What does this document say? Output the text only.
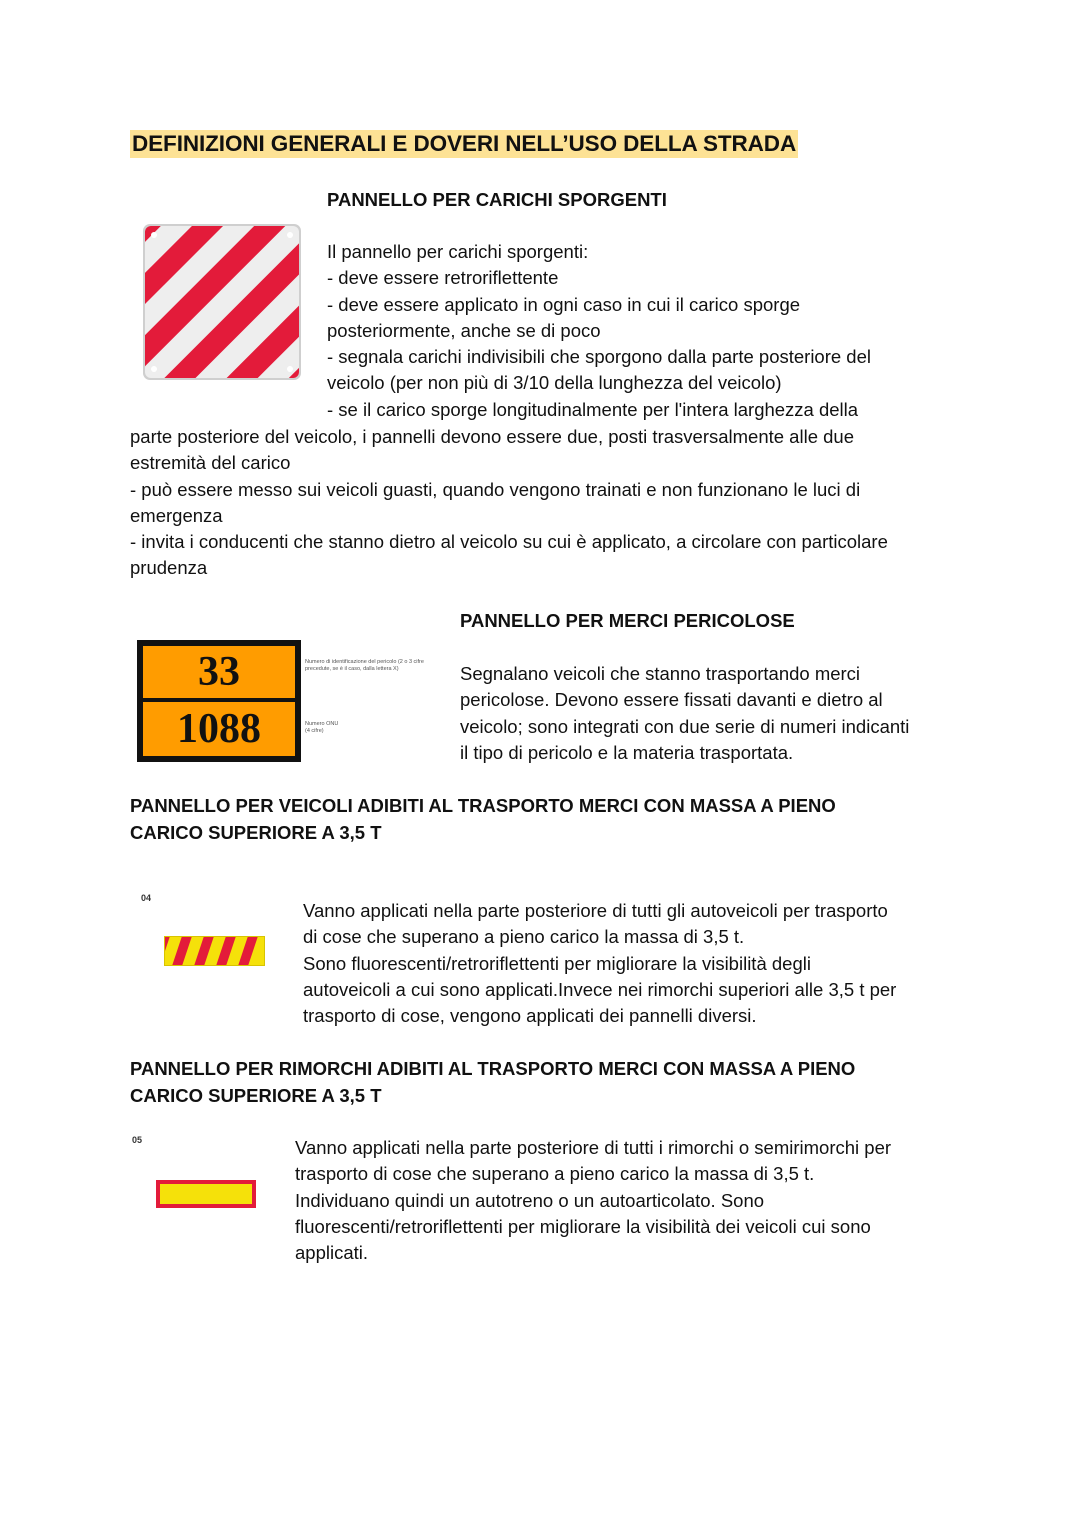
DEFINIZIONI GENERALI E DOVERI NELL’USO DELLA STRADA
PANNELLO PER CARICHI SPORGENTI
Il pannello per carichi sporgenti:
- deve essere retroriflettente
- deve essere applicato in ogni caso in cui il carico sporge
posteriormente, anche se di poco
- segnala carichi indivisibili che sporgono dalla parte posteriore del
veicolo (per non più di 3/10 della lunghezza del veicolo)
- se il carico sporge longitudinalmente per l'intera larghezza della
parte posteriore del veicolo, i pannelli devono essere due, posti trasversalmente alle due
estremità del carico
- può essere messo sui veicoli guasti, quando vengono trainati e non funzionano le luci di
emergenza
- invita i conducenti che stanno dietro al veicolo su cui è applicato, a circolare con particolare
prudenza
PANNELLO PER MERCI PERICOLOSE
33
1088
Numero di identificazione del pericolo (2 o 3 cifre
precedute, se è il caso, dalla lettera X)
Numero ONU
(4 cifre)
Segnalano veicoli che stanno trasportando merci
pericolose. Devono essere fissati davanti e dietro al
veicolo; sono integrati con due serie di numeri indicanti
il tipo di pericolo e la materia trasportata.
PANNELLO PER VEICOLI ADIBITI AL TRASPORTO MERCI CON MASSA A PIENO
CARICO SUPERIORE A 3,5 T
04
Vanno applicati nella parte posteriore di tutti gli autoveicoli per trasporto
di cose che superano a pieno carico la massa di 3,5 t.
Sono fluorescenti/retroriflettenti per migliorare la visibilità degli
autoveicoli a cui sono applicati.Invece nei rimorchi superiori alle 3,5 t per
trasporto di cose, vengono applicati dei pannelli diversi.
PANNELLO PER RIMORCHI ADIBITI AL TRASPORTO MERCI CON MASSA A PIENO
CARICO SUPERIORE A 3,5 T
05	Vanno applicati nella parte posteriore di tutti i rimorchi o semirimorchi per
trasporto di cose che superano a pieno carico la massa di 3,5 t.
Individuano quindi un autotreno o un autoarticolato. Sono
fluorescenti/retroriflettenti per migliorare la visibilità dei veicoli cui sono
applicati.
